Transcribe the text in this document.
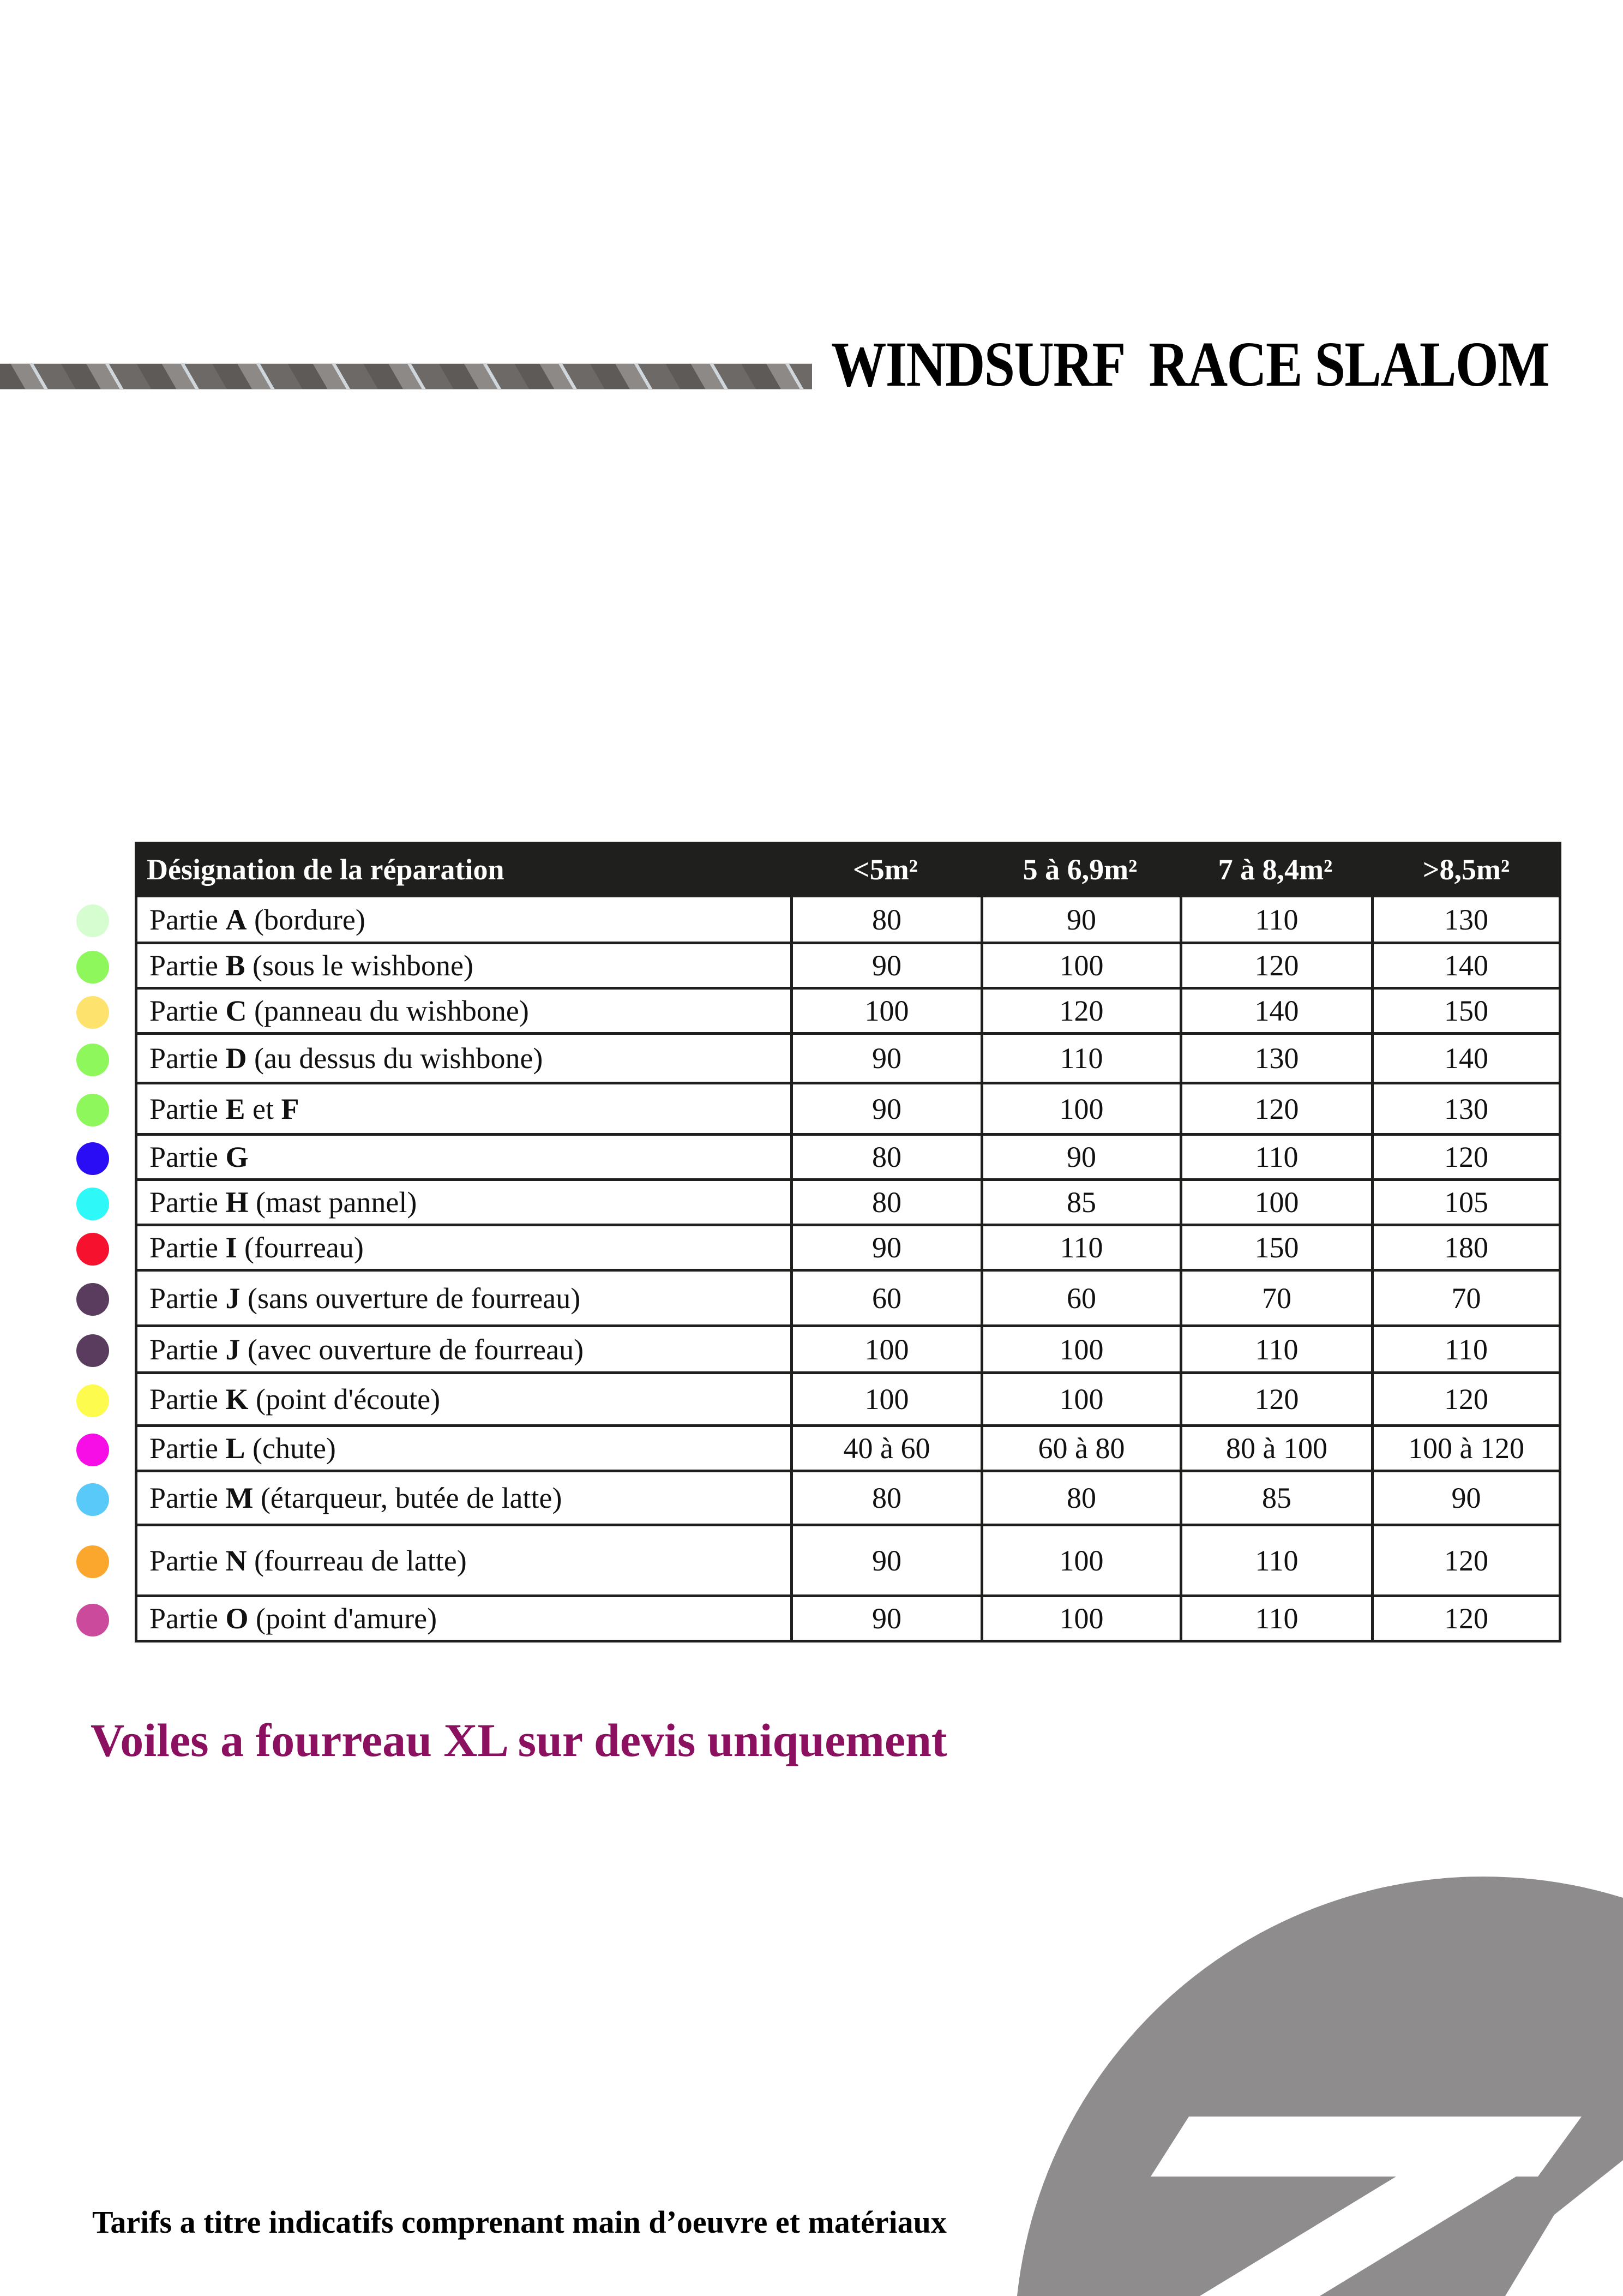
WINDSURF  RACE SLALOM
Désignation de la réparation	<5m²	5 à 6,9m²	7 à 8,4m²	>8,5m²
Partie A (bordure)	80	90	110	130
Partie B (sous le wishbone)	90	100	120	140
Partie C (panneau du wishbone)	100	120	140	150
Partie D (au dessus du wishbone)	90	110	130	140
Partie E et F	90	100	120	130
Partie G	80	90	110	120
Partie H (mast pannel)	80	85	100	105
Partie I (fourreau)	90	110	150	180
Partie J (sans ouverture de fourreau)	60	60	70	70
Partie J (avec ouverture de fourreau)	100	100	110	110
Partie K (point d'écoute)	100	100	120	120
Partie L (chute)	40 à 60	60 à 80	80 à 100	100 à 120
Partie M (étarqueur, butée de latte)	80	80	85	90
Partie N (fourreau de latte)	90	100	110	120
Partie O (point d'amure)	90	100	110	120
Voiles a fourreau XL sur devis uniquement
Tarifs a titre indicatifs comprenant main d’oeuvre et matériaux
